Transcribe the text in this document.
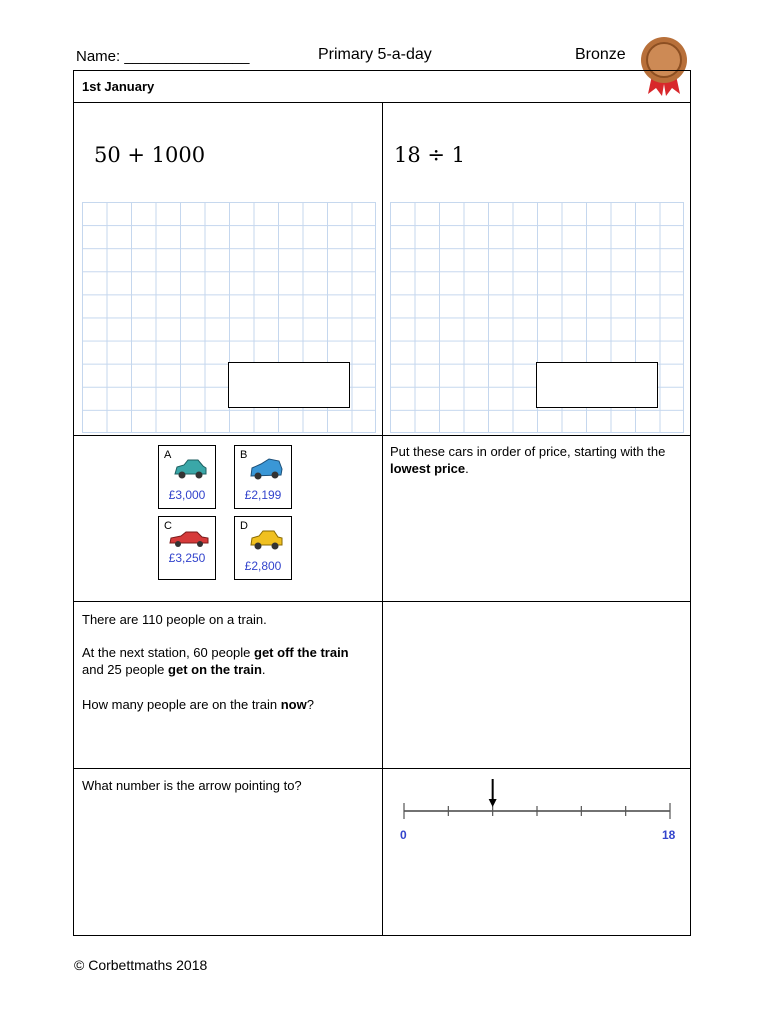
Name: _______________	Primary 5-a-day	Bronze
1st January
50 + 1000	18 ÷ 1
A
£3,000
B
£2,199
C
£3,250
D
£2,800
Put these cars in order of price, starting with the lowest price.
There are 110 people on a train.
At the next station, 60 people get off the train and 25 people get on the train.
How many people are on the train now?
What number is the arrow pointing to?
0	18
© Corbettmaths 2018
